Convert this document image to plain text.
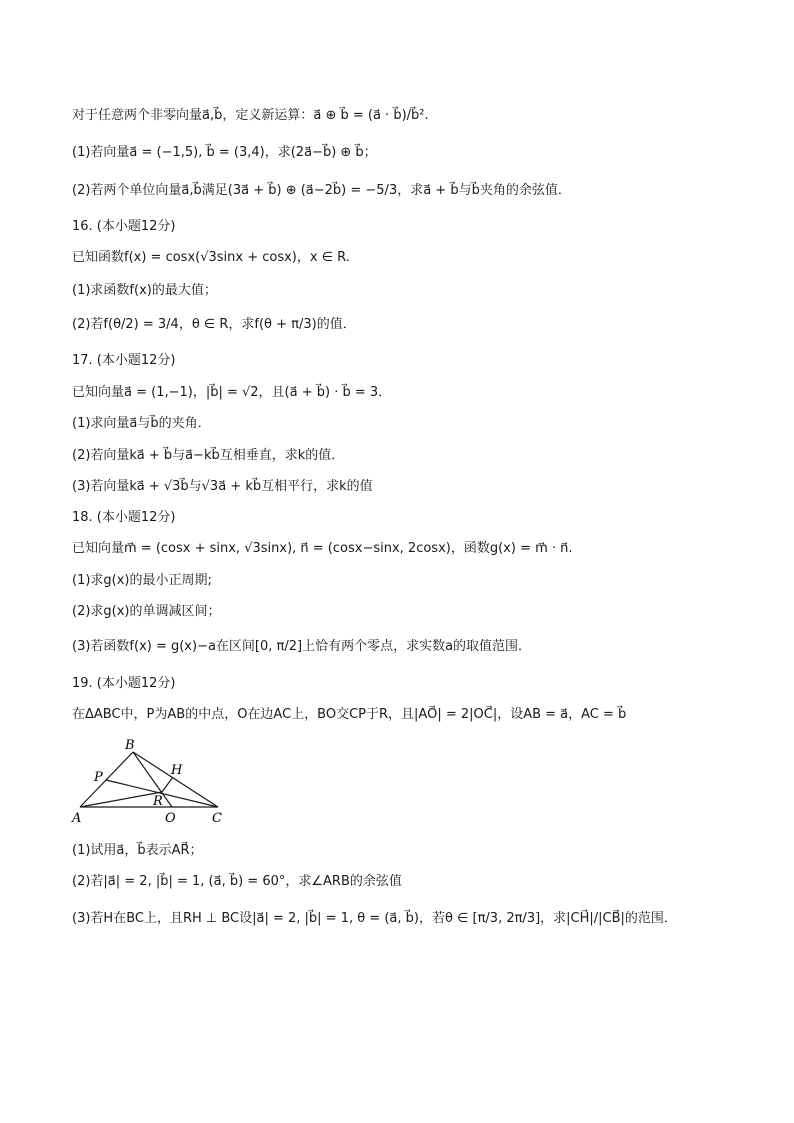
对于任意两个非零向量a⃗,b⃗，定义新运算：a⃗ ⊕ b⃗ = (a⃗ · b⃗)/b⃗².
(1)若向量a⃗ = (−1,5), b⃗ = (3,4)，求(2a⃗−b⃗) ⊕ b⃗；
(2)若两个单位向量a⃗,b⃗满足(3a⃗ + b⃗) ⊕ (a⃗−2b⃗) = −5/3，求a⃗ + b⃗与b⃗夹角的余弦值．
16. (本小题12分)
已知函数f(x) = cosx(√3sinx + cosx)，x ∈ R.
(1)求函数f(x)的最大值；
(2)若f(θ/2) = 3/4，θ ∈ R，求f(θ + π/3)的值．
17. (本小题12分)
已知向量a⃗ = (1,−1)，|b⃗| = √2，且(a⃗ + b⃗) · b⃗ = 3．
(1)求向量a⃗与b⃗的夹角．
(2)若向量ka⃗ + b⃗与a⃗−kb⃗互相垂直，求k的值．
(3)若向量ka⃗ + √3b⃗与√3a⃗ + kb⃗互相平行，求k的值
18. (本小题12分)
已知向量m⃗ = (cosx + sinx, √3sinx), n⃗ = (cosx−sinx, 2cosx)，函数g(x) = m⃗ · n⃗.
(1)求g(x)的最小正周期;
(2)求g(x)的单调减区间；
(3)若函数f(x) = g(x)−a在区间[0, π/2]上恰有两个零点，求实数a的取值范围．
19. (本小题12分)
在ΔABC中，P为AB的中点，O在边AC上，BO交CP于R，且|AO⃗| = 2|OC⃗|，设AB = a⃗，AC = b⃗
B
P	H
R
A	O	C
(1)试用a⃗，b⃗表示AR⃗；
(2)若|a⃗| = 2, |b⃗| = 1, (a⃗, b⃗) = 60°，求∠ARB的余弦值
(3)若H在BC上，且RH ⊥ BC设|a⃗| = 2, |b⃗| = 1, θ = (a⃗, b⃗)，若θ ∈ [π/3, 2π/3]，求|CH⃗|/|CB⃗|的范围．
